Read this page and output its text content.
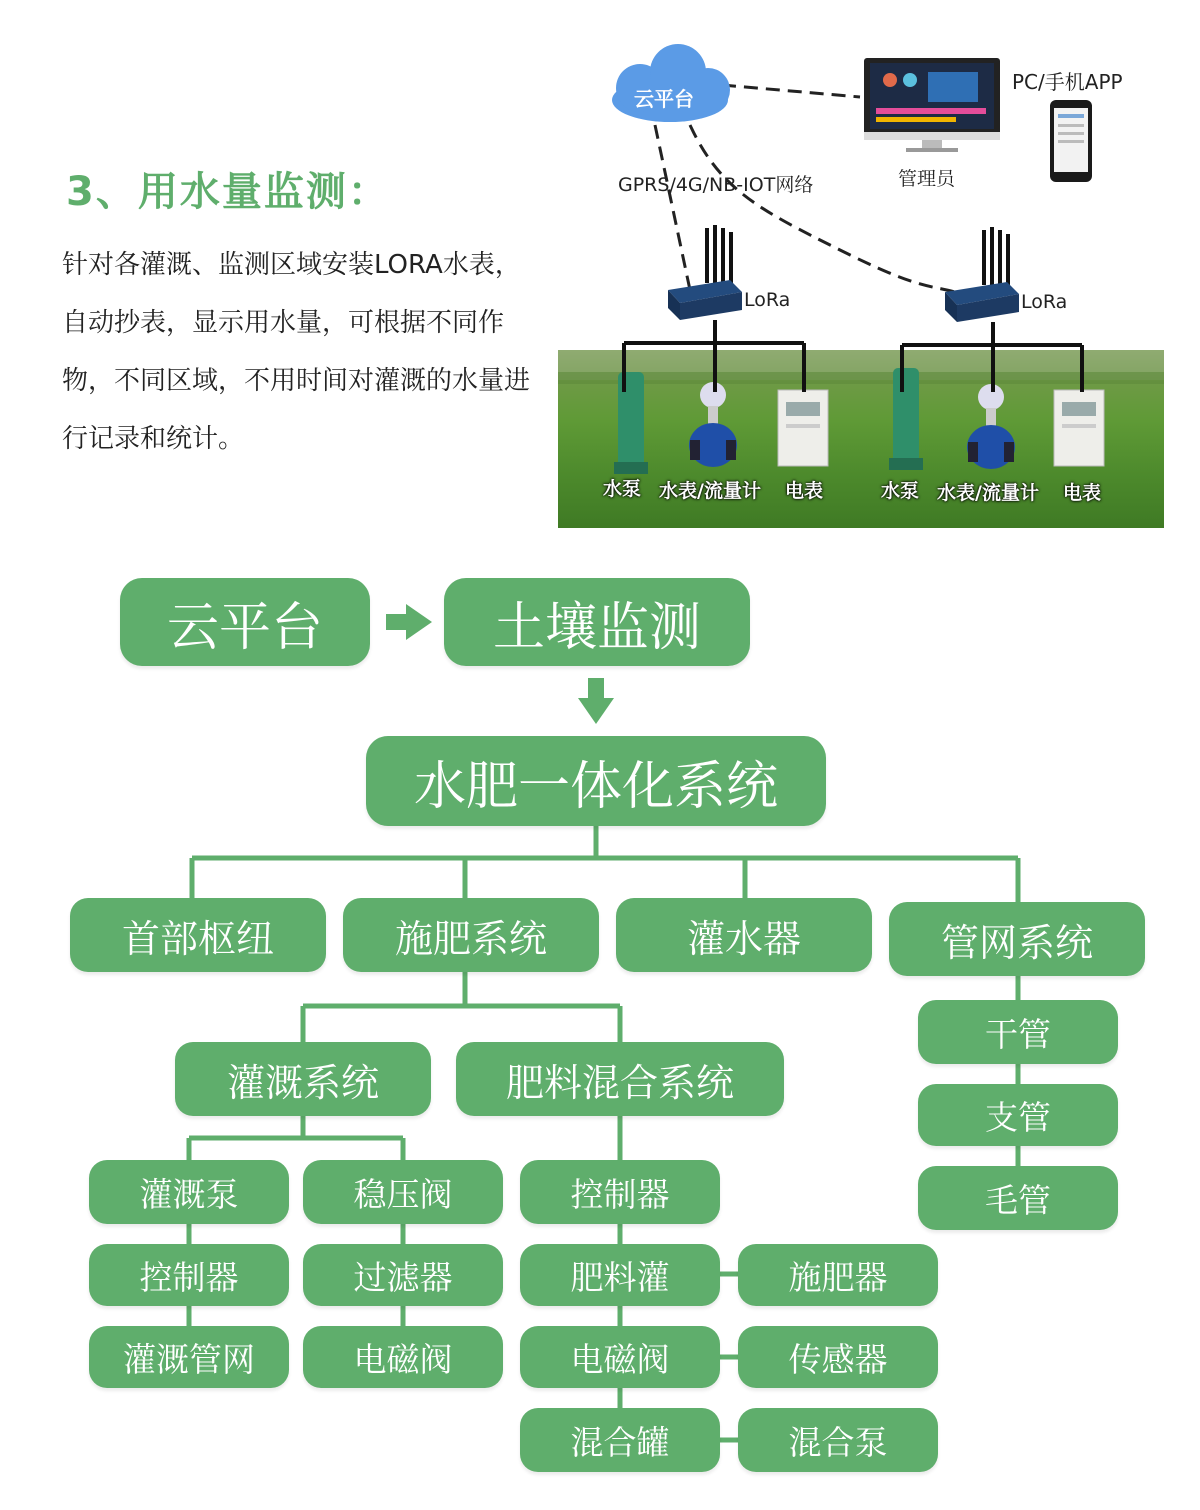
3、用水量监测：
针对各灌溉、监测区域安装LORA水表，自动抄表，显示用水量，可根据不同作物，不同区域，不用时间对灌溉的水量进行记录和统计。
云平台
PC/手机APP
管理员
GPRS/4G/NB-IOT网络
LoRa	LoRa
水泵 水表/流量计 电表	水泵 水表/流量计 电表
云平台	土壤监测
水肥一体化系统
首部枢纽	施肥系统	灌水器	管网系统
灌溉系统	肥料混合系统
灌溉泵	稳压阀
控制器	过滤器
灌溉管网	电磁阀
控制器
肥料灌	施肥器
电磁阀	传感器
混合罐	混合泵
干管
支管
毛管
